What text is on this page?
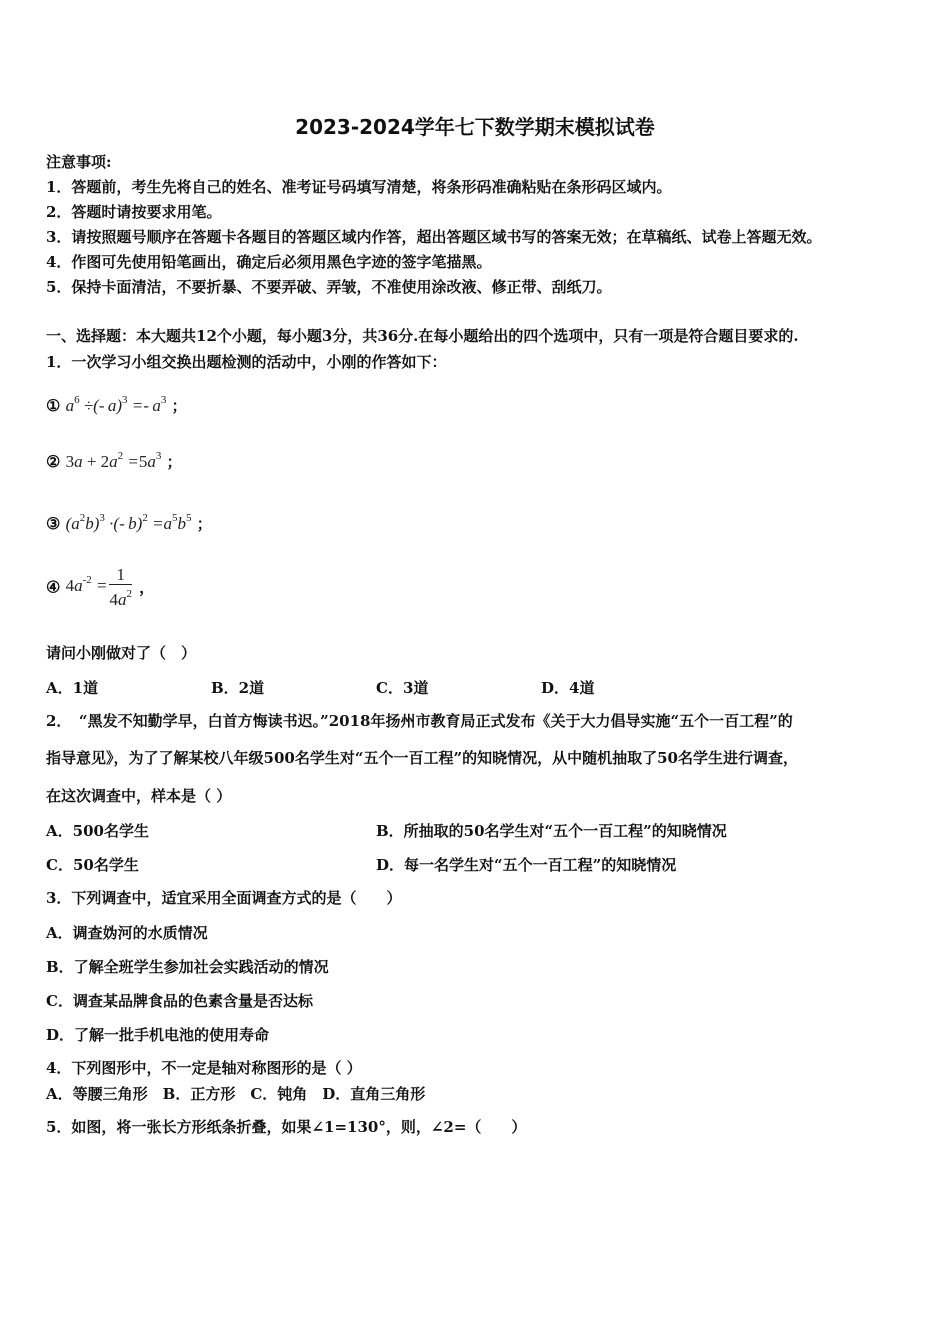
2023-2024学年七下数学期末模拟试卷
注意事项:
1．答题前，考生先将自己的姓名、准考证号码填写清楚，将条形码准确粘贴在条形码区域内。
2．答题时请按要求用笔。
3．请按照题号顺序在答题卡各题目的答题区域内作答，超出答题区域书写的答案无效；在草稿纸、试卷上答题无效。
4．作图可先使用铅笔画出，确定后必须用黑色字迹的签字笔描黑。
5．保持卡面清洁，不要折暴、不要弄破、弄皱，不准使用涂改液、修正带、刮纸刀。
一、选择题：本大题共12个小题，每小题3分，共36分.在每小题给出的四个选项中，只有一项是符合题目要求的.
1．一次学习小组交换出题检测的活动中，小刚的作答如下：
① $a^6$ ÷(- $a)^3 =- a^3$ ；
② $3a + 2a^2 =5a^3$ ；
③ $(a^2b)^3$ ·(- $b)^2 =a^5b^5$ ；
④ $4a^{-2} = \frac{1}{4a^2}$ ，
请问小刚做对了（　）
A．1道	B．2道	C．3道	D．4道
2．　“黑发不知勤学早，白首方悔读书迟。”2018年扬州市教育局正式发布《关于大力倡导实施“五个一百工程”的
指导意见》，为了了解某校八年级500名学生对“五个一百工程”的知晓情况，从中随机抽取了50名学生进行调查，
在这次调查中，样本是（ ）
A．500名学生	B．所抽取的50名学生对“五个一百工程”的知晓情况
C．50名学生	D．每一名学生对“五个一百工程”的知晓情况
3．下列调查中，适宜采用全面调查方式的是（　　）
A．调查妫河的水质情况
B．了解全班学生参加社会实践活动的情况
C．调查某品牌食品的色素含量是否达标
D．了解一批手机电池的使用寿命
4．下列图形中，不一定是轴对称图形的是（ ）
A．等腰三角形　B．正方形　C．钝角　D．直角三角形
5．如图，将一张长方形纸条折叠，如果∠1=130°，则，∠2=（　　）
